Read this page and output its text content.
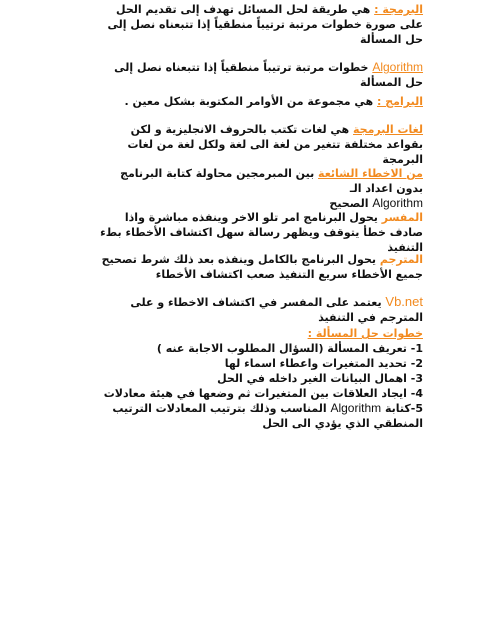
البرمجة : هي طريقة لحل المسائل تهدف إلى تقديم الحل على صورة خطوات مرتبة ترتيباً منطقياً إذا تتبعناه نصل إلى حل المسألة

Algorithm خطوات مرتبة ترتيباً منطقياً إذا تتبعناه نصل إلى حل المسألة

البرامج : هي مجموعة من الأوامر المكتوبة بشكل معين .

لغات البرمجة هي لغات تكتب بالحروف الانجليزية و لكن بقواعد مختلفة تتغير من لغة الى لغة ولكل لغة من لغات البرمجة

من الاخطاء الشائعة بين المبرمجين محاولة كتابة البرنامج بدون اعداد الـ
Algorithm الصحيح

المفسر يحول البرنامج امر تلو الاخر وينفذه مباشرة واذا صادف خطأ يتوقف ويظهر رسالة سهل اكتشاف الأخطاء بطء التنفيذ

المترجم يحول البرنامج بالكامل وينفذه بعد ذلك شرط تصحيح جميع الأخطاء سريع التنفيذ صعب اكتشاف الأخطاء

Vb.net يعتمد على المفسر في اكتشاف الاخطاء و على المترجم في التنفيذ

خطوات حل المسألة :
1- تعريف المسألة (السؤال المطلوب الاجابة عنه )
2- تحديد المتغيرات واعطاء اسماء لها
3- اهمال البيانات الغير داخله في الحل
4- ايجاد العلاقات بين المتغيرات ثم وضعها في هيئة معادلات
5-كتابة Algorithm المناسب وذلك بترتيب المعادلات الترتيب المنطقي الذي يؤدي الى الحل
